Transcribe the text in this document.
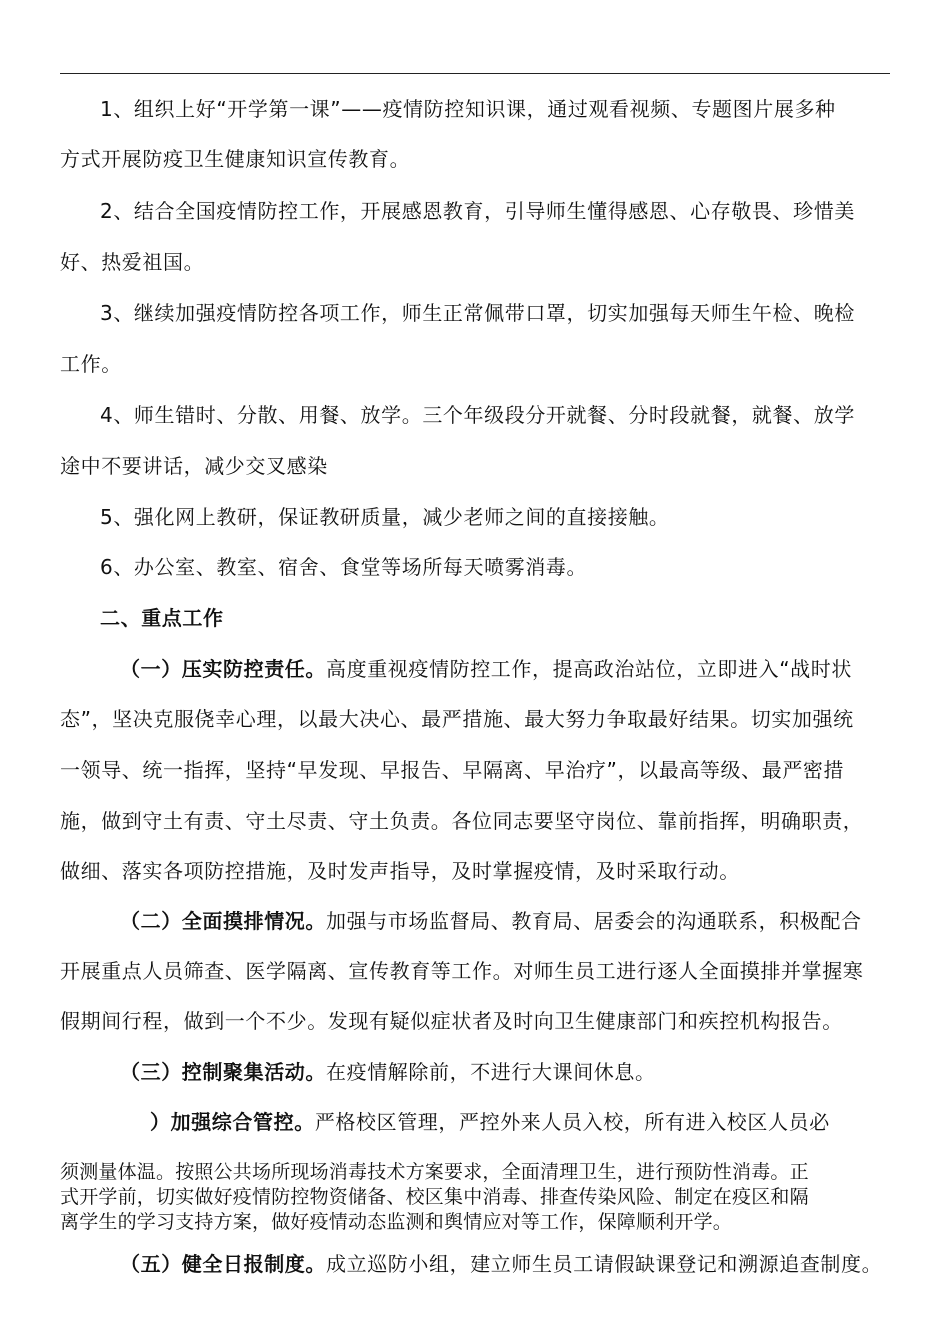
1、组织上好“开学第一课”——疫情防控知识课，通过观看视频、专题图片展多种
方式开展防疫卫生健康知识宣传教育。
2、结合全国疫情防控工作，开展感恩教育，引导师生懂得感恩、心存敬畏、珍惜美
好、热爱祖国。
3、继续加强疫情防控各项工作，师生正常佩带口罩，切实加强每天师生午检、晚检
工作。
4、师生错时、分散、用餐、放学。三个年级段分开就餐、分时段就餐，就餐、放学
途中不要讲话，减少交叉感染
5、强化网上教研，保证教研质量，减少老师之间的直接接触。
6、办公室、教室、宿舍、食堂等场所每天喷雾消毒。
二、重点工作
（一）压实防控责任。高度重视疫情防控工作，提高政治站位，立即进入“战时状
态”，坚决克服侥幸心理，以最大决心、最严措施、最大努力争取最好结果。切实加强统
一领导、统一指挥，坚持“早发现、早报告、早隔离、早治疗”，以最高等级、最严密措
施，做到守土有责、守土尽责、守土负责。各位同志要坚守岗位、靠前指挥，明确职责，
做细、落实各项防控措施，及时发声指导，及时掌握疫情，及时采取行动。
（二）全面摸排情况。加强与市场监督局、教育局、居委会的沟通联系，积极配合
开展重点人员筛查、医学隔离、宣传教育等工作。对师生员工进行逐人全面摸排并掌握寒
假期间行程，做到一个不少。发现有疑似症状者及时向卫生健康部门和疾控机构报告。
（三）控制聚集活动。在疫情解除前，不进行大课间休息。
）加强综合管控。严格校区管理，严控外来人员入校，所有进入校区人员必
须测量体温。按照公共场所现场消毒技术方案要求，全面清理卫生，进行预防性消毒。正
式开学前，切实做好疫情防控物资储备、校区集中消毒、排查传染风险、制定在疫区和隔
离学生的学习支持方案，做好疫情动态监测和舆情应对等工作，保障顺利开学。
（五）健全日报制度。成立巡防小组，建立师生员工请假缺课登记和溯源追查制度。
